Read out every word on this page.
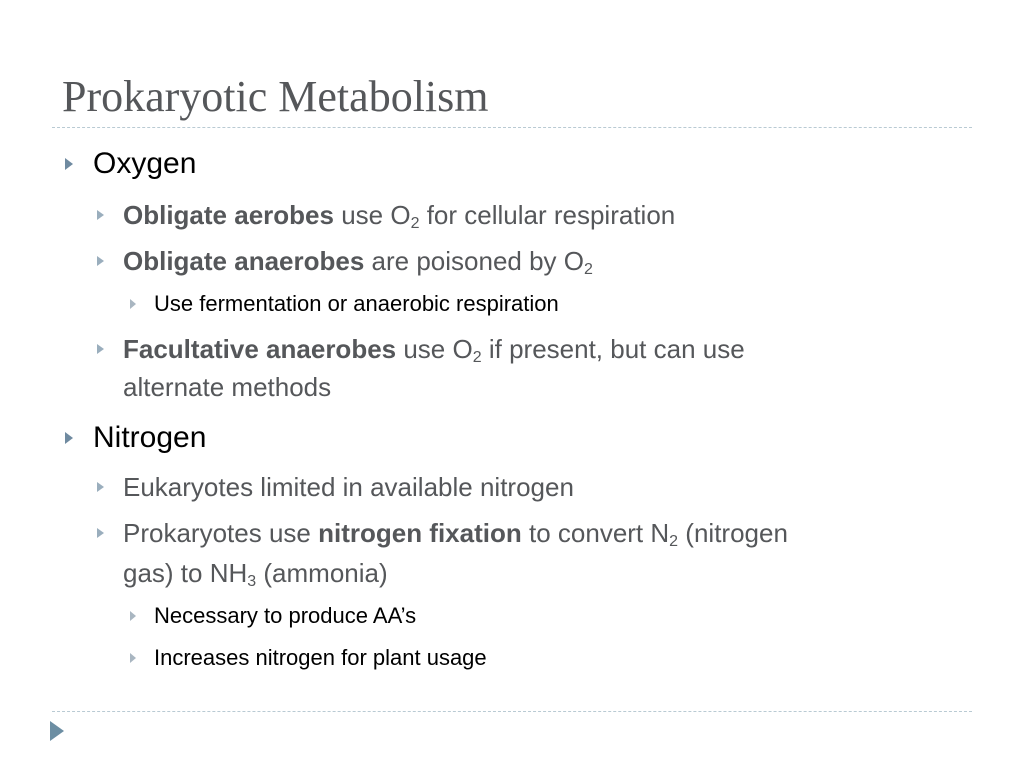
Prokaryotic Metabolism
Oxygen
Obligate aerobes use $O_2$ for cellular respiration
Obligate anaerobes are poisoned by $O_2$
Use fermentation or anaerobic respiration
Facultative anaerobes use $O_2$ if present, but can use
alternate methods
Nitrogen
Eukaryotes limited in available nitrogen
Prokaryotes use nitrogen fixation to convert $N_2$ (nitrogen
gas) to $NH_3$ (ammonia)
Necessary to produce AA’s
Increases nitrogen for plant usage
